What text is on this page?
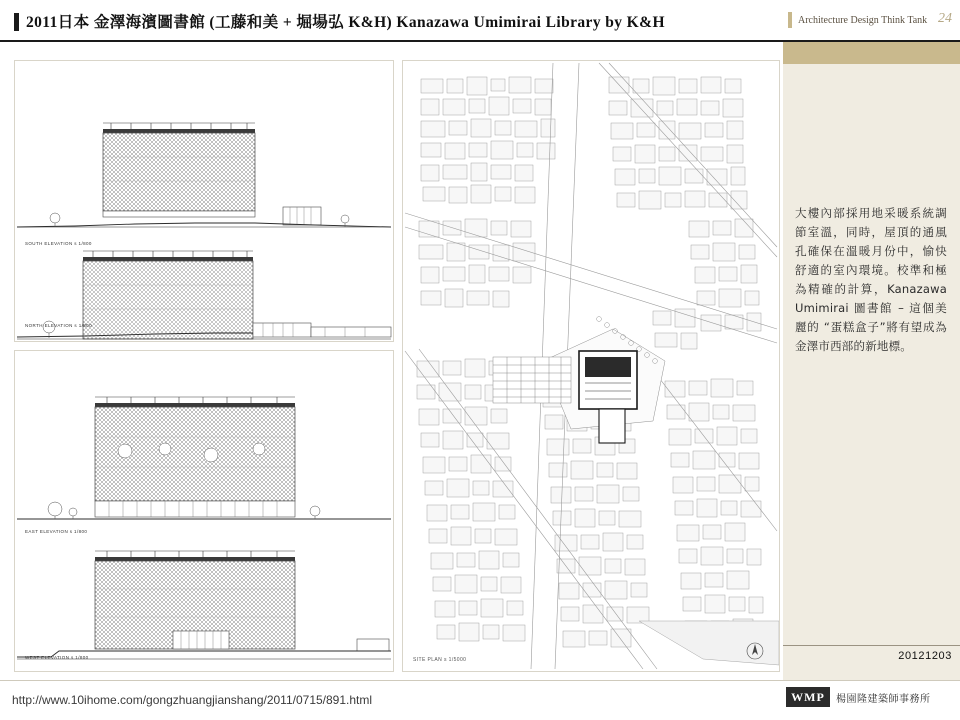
2011日本 金澤海濱圖書館 (工藤和美 + 堀場弘 K&H) Kanazawa Umimirai Library by K&H	Architecture Design Think Tank 24
SOUTH ELEVATION s 1/800
NORTH ELEVATION s 1/800
EAST ELEVATION s 1/800
WEST ELEVATION s 1/800	SITE PLAN s 1/5000
大樓內部採用地采暖系統調節室溫，同時，屋頂的通風孔確保在溫暖月份中，愉快舒適的室內環境。校準和極為精確的計算，Kanazawa Umimirai 圖書館 – 這個美麗的 “蛋糕盒子”將有望成為金澤市西部的新地標。
20121203
http://www.10ihome.com/gongzhuangjianshang/2011/0715/891.html	WMP	楊園隆建築師事務所
